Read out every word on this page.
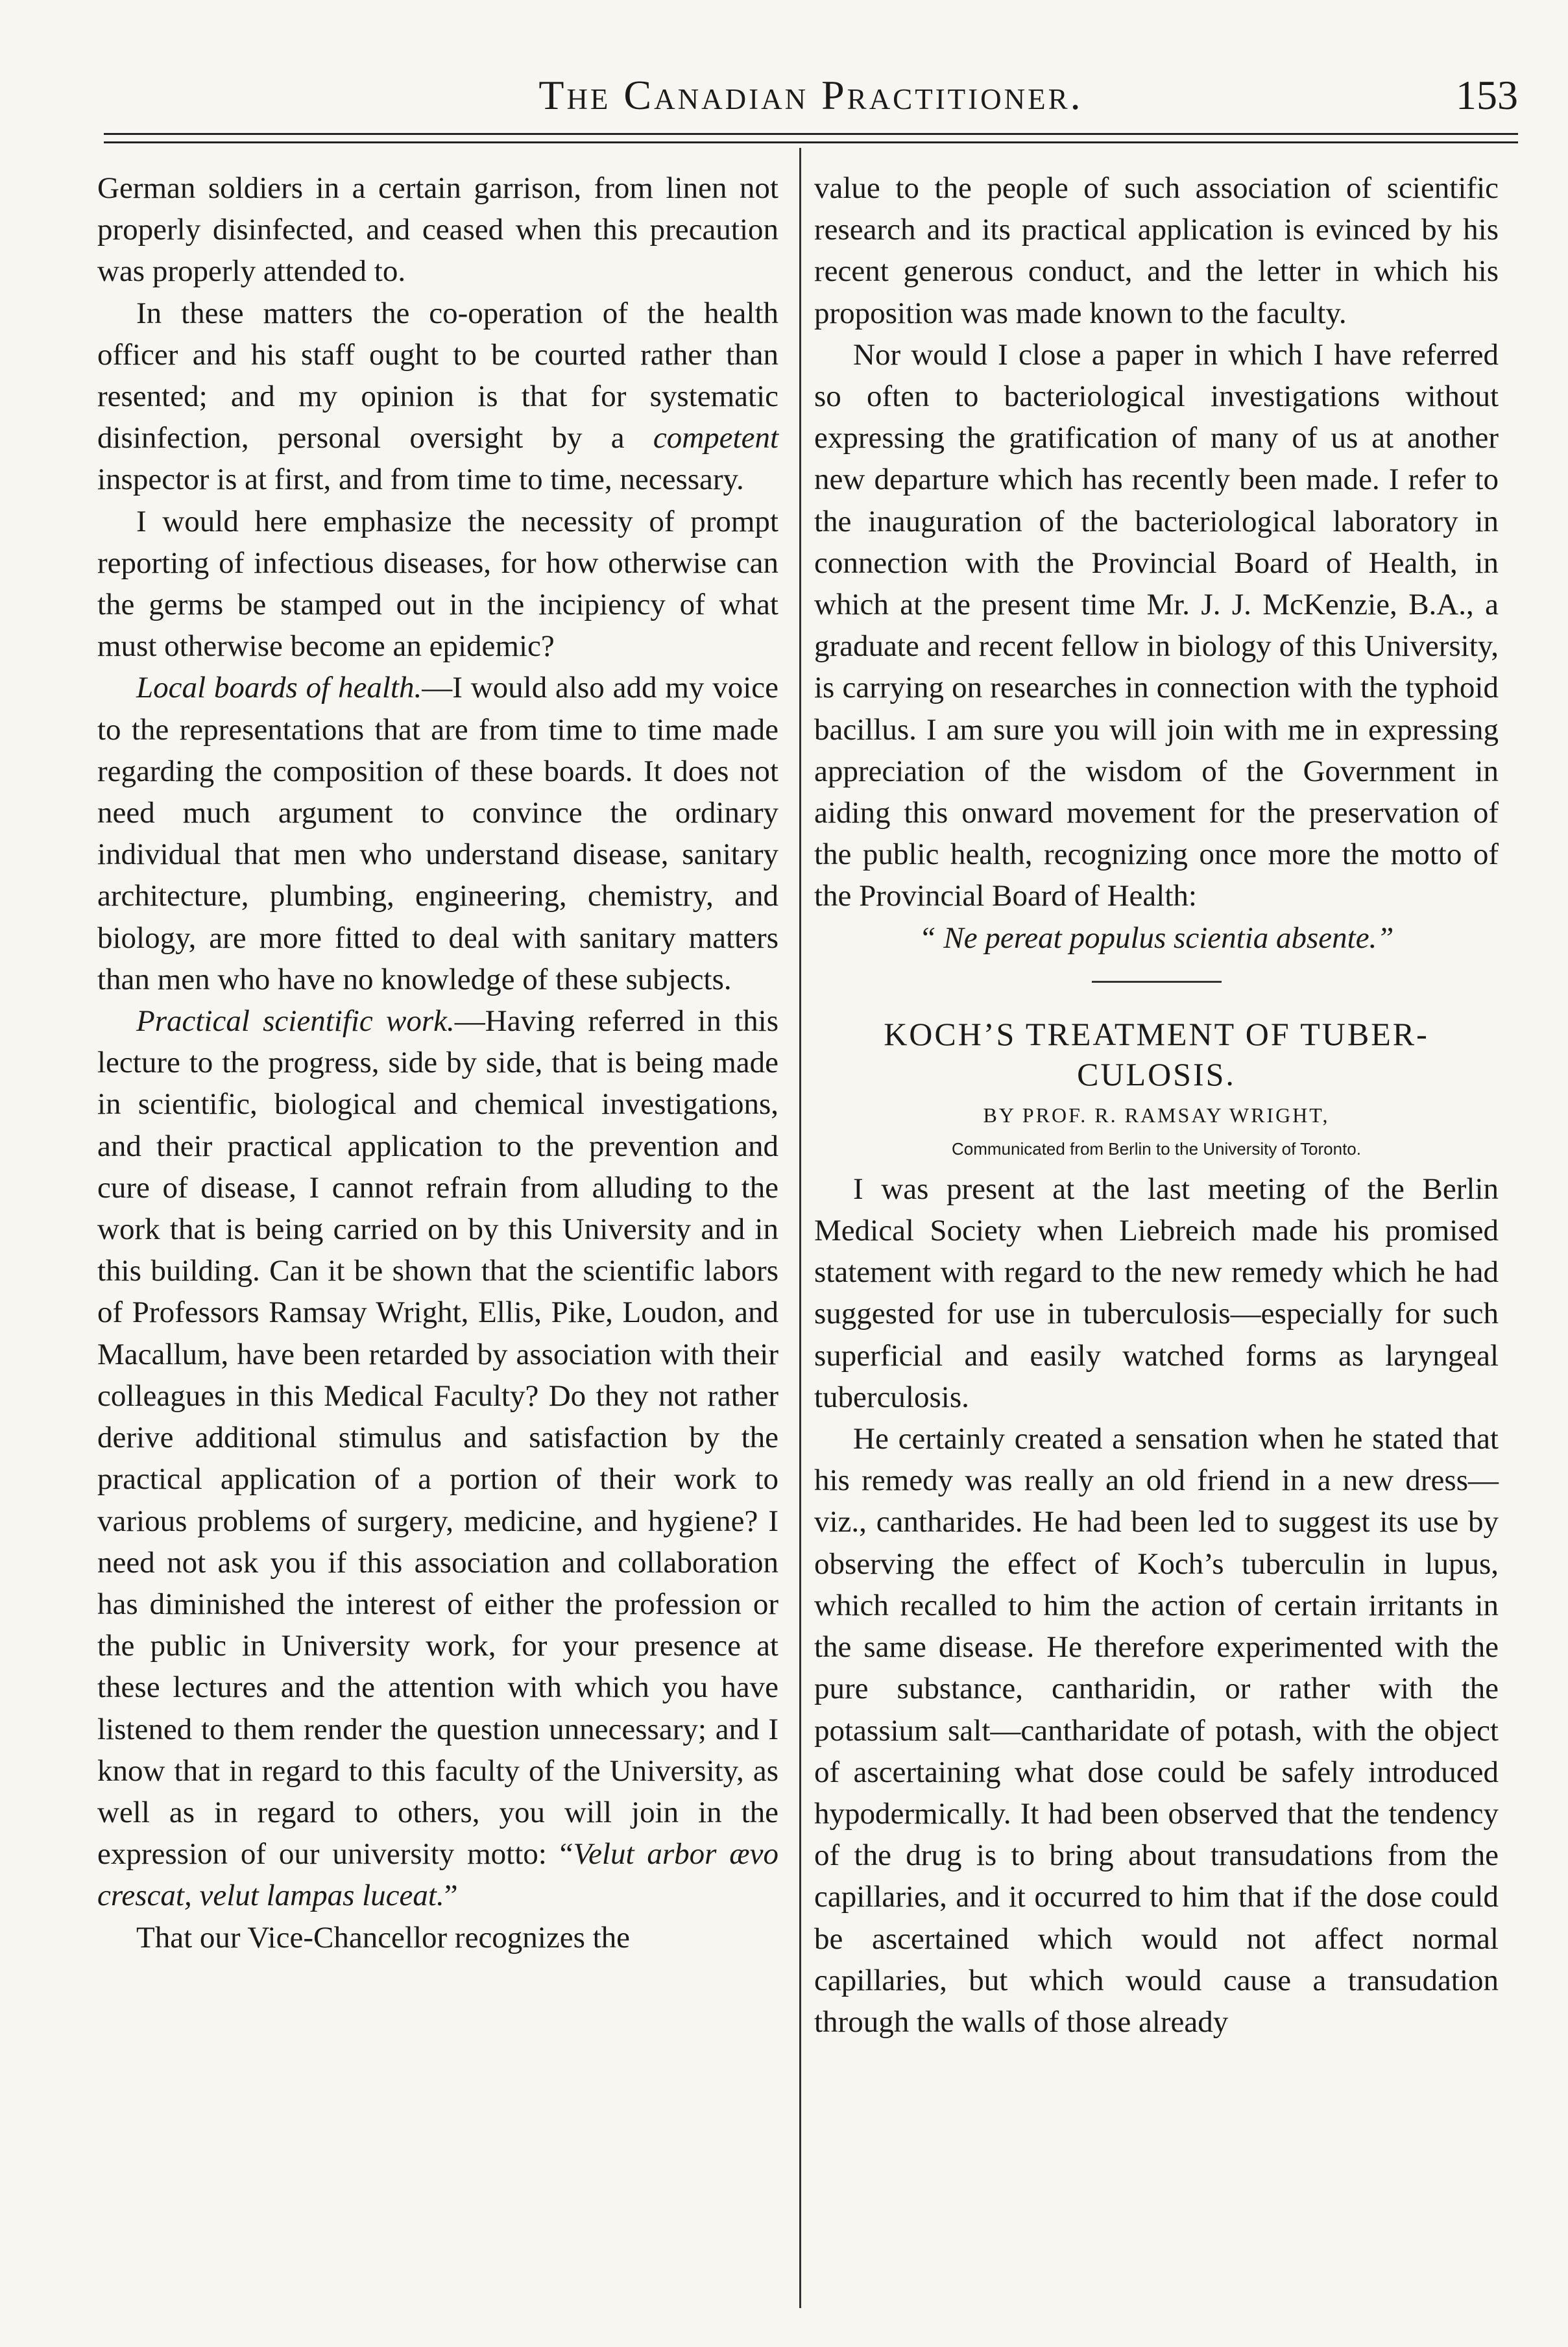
The Canadian Practitioner.	153

German soldiers in a certain garrison, from linen not properly disinfected, and ceased when this precaution was properly attended to.

In these matters the co-operation of the health officer and his staff ought to be courted rather than resented; and my opinion is that for systematic disinfection, personal oversight by a competent inspector is at first, and from time to time, necessary.

I would here emphasize the necessity of prompt reporting of infectious diseases, for how otherwise can the germs be stamped out in the incipiency of what must otherwise become an epidemic?

Local boards of health.—I would also add my voice to the representations that are from time to time made regarding the composition of these boards. It does not need much argument to convince the ordinary individual that men who understand disease, sanitary architecture, plumbing, engineering, chemistry, and biology, are more fitted to deal with sanitary matters than men who have no knowledge of these subjects.

Practical scientific work.—Having referred in this lecture to the progress, side by side, that is being made in scientific, biological and chemical investigations, and their practical application to the prevention and cure of disease, I cannot refrain from alluding to the work that is being carried on by this University and in this building. Can it be shown that the scientific labors of Professors Ramsay Wright, Ellis, Pike, Loudon, and Macallum, have been retarded by association with their colleagues in this Medical Faculty? Do they not rather derive additional stimulus and satisfaction by the practical application of a portion of their work to various problems of surgery, medicine, and hygiene? I need not ask you if this association and collaboration has diminished the interest of either the profession or the public in University work, for your presence at these lectures and the attention with which you have listened to them render the question unnecessary; and I know that in regard to this faculty of the University, as well as in regard to others, you will join in the expression of our university motto: “Velut arbor ævo crescat, velut lampas luceat.”

That our Vice-Chancellor recognizes the

value to the people of such association of scientific research and its practical application is evinced by his recent generous conduct, and the letter in which his proposition was made known to the faculty.

Nor would I close a paper in which I have referred so often to bacteriological investigations without expressing the gratification of many of us at another new departure which has recently been made. I refer to the inauguration of the bacteriological laboratory in connection with the Provincial Board of Health, in which at the present time Mr. J. J. McKenzie, B.A., a graduate and recent fellow in biology of this University, is carrying on researches in connection with the typhoid bacillus. I am sure you will join with me in expressing appreciation of the wisdom of the Government in aiding this onward movement for the preservation of the public health, recognizing once more the motto of the Provincial Board of Health:

“ Ne pereat populus scientia absente.”

KOCH’S TREATMENT OF TUBER-
CULOSIS.

BY PROF. R. RAMSAY WRIGHT,

Communicated from Berlin to the University of Toronto.

I was present at the last meeting of the Berlin Medical Society when Liebreich made his promised statement with regard to the new remedy which he had suggested for use in tuberculosis—especially for such superficial and easily watched forms as laryngeal tuberculosis.

He certainly created a sensation when he stated that his remedy was really an old friend in a new dress—viz., cantharides. He had been led to suggest its use by observing the effect of Koch’s tuberculin in lupus, which recalled to him the action of certain irritants in the same disease. He therefore experimented with the pure substance, cantharidin, or rather with the potassium salt—cantharidate of potash, with the object of ascertaining what dose could be safely introduced hypodermically. It had been observed that the tendency of the drug is to bring about transudations from the capillaries, and it occurred to him that if the dose could be ascertained which would not affect normal capillaries, but which would cause a transudation through the walls of those already
